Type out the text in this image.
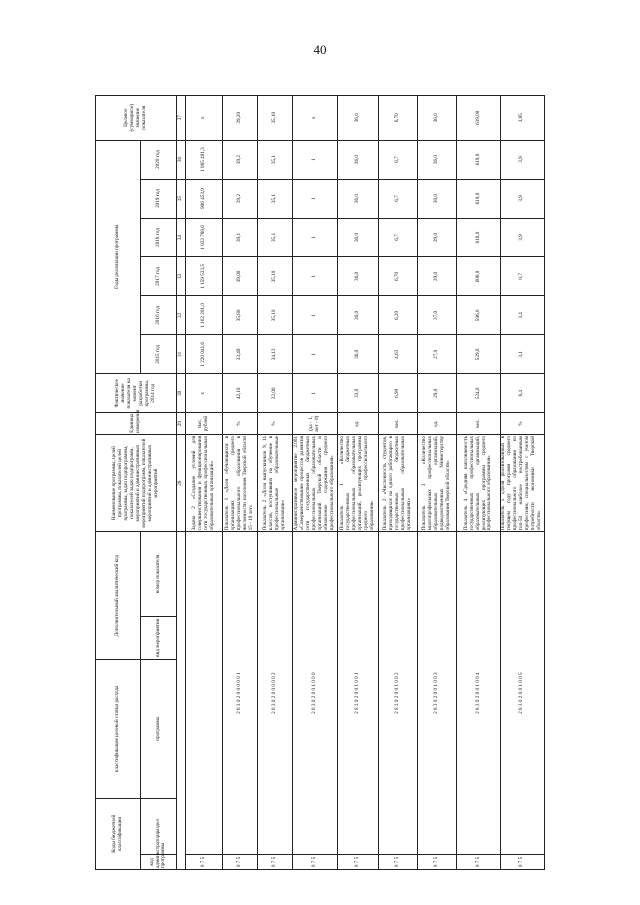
40
Коды бюджетной классификации		классификация целевой статьи расхода	Дополнительный аналитический код		Наименование программы, целей программы, показателей целей программы, задач подпрограммы, показателей задач подпрограмм, мероприятий и административных мероприятий подпрограмм, показателей мероприятий и административных мероприятий	Единица измерения	Фактическое значение показателя на момент разработки программы, 2014 год	Годы реализации программы						Целевое (суммарное) значение показателя
код администратора программы	раздел	программа	вид мероприятия	номер показателя				2015 год	2016 год	2017 год	2018 год	2019 год	2020 год	
					28	29	30	31	32	33	34	35	36	37
0 7 5					Задача 2 «Создание условий для совершенствования и функционирования сети государственных профессиональных образовательных организаций»	тыс. рублей	х	1 220 041,6	1 162 201,0	1 159 533,5	1 033 788,6	906 453,9	1 085 491,3	х
0 7 5	2 8 3 0 2 0 0 0 0 0 1				Показатель 1 «Доля обучающихся в организациях среднего профессионального образования в численности населения Тверской области 15 - 19 лет»	%	42,10	33,49	35,80	39,00	39,1	39,2	39,2	39,20
0 7 5	2 8 3 0 2 0 0 0 0 0 2				Показатель 2 «Доля выпускников 9, 11 классов, поступивших на обучение в профессиональные образовательные организации»	%	22,00	34,12	35,10	35,10	35,1	35,1	35,1	35,10
0 7 5	2 8 3 0 2 0 0 1 0 0 0				Административное мероприятие 2.001 «Совершенствование процессов развития сети государственных бюджетных профессиональных образовательных организаций Тверской области и обновление содержания среднего профессионального образования»	(да - 1, нет - 0)	1	1	1	1	1	1	1	х
0 7 5	2 8 3 0 2 0 0 1 0 0 1				Показатель 1 «Количество государственных бюджетных профессиональных образовательных организаций, реализующих программы среднего профессионального образования»	ед.	33,0	36,0	36,0	36,0	36,0	36,0	36,0	36,0
0 7 5	2 8 3 0 2 0 0 1 0 0 2				Показатель 2 «Численность студентов, приходящихся на одного работающего в государственных бюджетных профессиональных образовательных организациях»	чел.	6,90	4,63	6,20	6,70	6,7	6,7	6,7	6,70
0 7 5	2 8 3 0 2 0 0 1 0 0 3				Показатель 3 «Количество многопрофильных профессиональных образовательных организаций, подведомственных Министерству образования Тверской области»	ед.	29,0	27,0	37,0	29,0	29,0	30,0	36,0	36,0
0 7 5	2 8 3 0 2 0 0 1 0 0 4				Показатель 4 «Средняя наполняемость государственных профессиональных образовательных организаций, реализующих программы среднего профессионального образования»	чел.	524,0	529,0	596,0	608,0	618,0	619,0	619,0	619,00
0 7 5	2 8 3 0 2 0 0 1 0 0 5				Показатель 5 «Доля реализованных в текущем году программ среднего профессионального образования по топ-50 наиболее востребованным профессиям, специальностям с учетом потребности экономики Тверской области»	%	8,4	3,1	3,4	0,7	3,9	3,9	3,9	3,85
